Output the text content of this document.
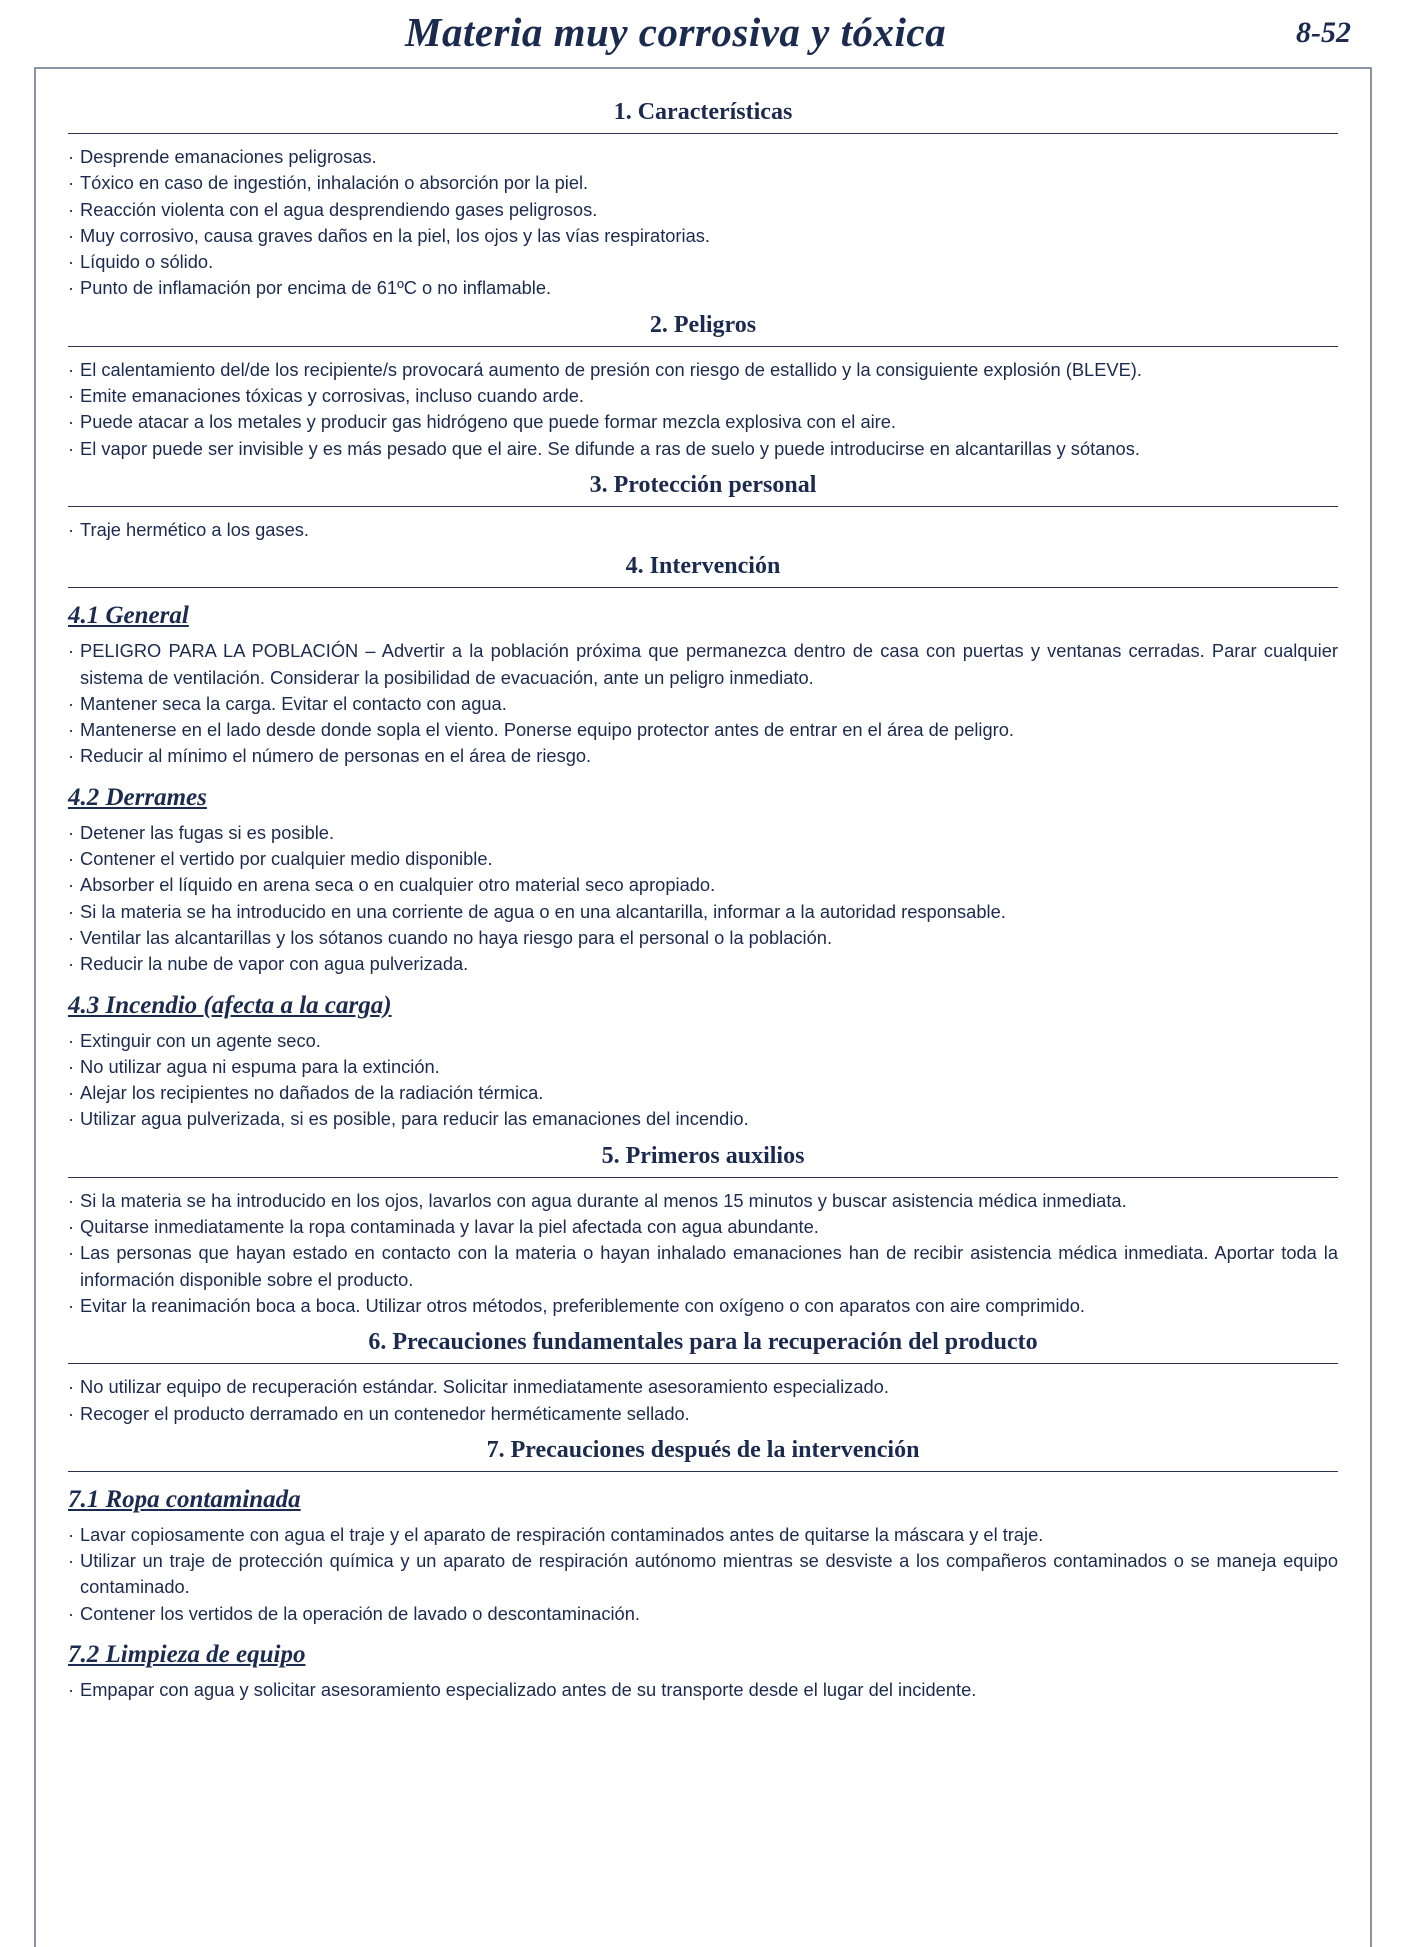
Materia muy corrosiva y tóxica	8-52
1. Características
· Desprende emanaciones peligrosas.
· Tóxico en caso de ingestión, inhalación o absorción por la piel.
· Reacción violenta con el agua desprendiendo gases peligrosos.
· Muy corrosivo, causa graves daños en la piel, los ojos y las vías respiratorias.
· Líquido o sólido.
· Punto de inflamación por encima de 61ºC o no inflamable.
2. Peligros
· El calentamiento del/de los recipiente/s provocará aumento de presión con riesgo de estallido y la consiguiente explosión (BLEVE).
· Emite emanaciones tóxicas y corrosivas, incluso cuando arde.
· Puede atacar a los metales y producir gas hidrógeno que puede formar mezcla explosiva con el aire.
· El vapor puede ser invisible y es más pesado que el aire. Se difunde a ras de suelo y puede introducirse en alcantarillas y sótanos.
3. Protección personal
· Traje hermético a los gases.
4. Intervención
4.1 General
· PELIGRO PARA LA POBLACIÓN – Advertir a la población próxima que permanezca dentro de casa con puertas y ventanas cerradas. Parar cualquier sistema de ventilación. Considerar la posibilidad de evacuación, ante un peligro inmediato.
· Mantener seca la carga. Evitar el contacto con agua.
· Mantenerse en el lado desde donde sopla el viento. Ponerse equipo protector antes de entrar en el área de peligro.
· Reducir al mínimo el número de personas en el área de riesgo.
4.2 Derrames
· Detener las fugas si es posible.
· Contener el vertido por cualquier medio disponible.
· Absorber el líquido en arena seca o en cualquier otro material seco apropiado.
· Si la materia se ha introducido en una corriente de agua o en una alcantarilla, informar a la autoridad responsable.
· Ventilar las alcantarillas y los sótanos cuando no haya riesgo para el personal o la población.
· Reducir la nube de vapor con agua pulverizada.
4.3 Incendio (afecta a la carga)
· Extinguir con un agente seco.
· No utilizar agua ni espuma para la extinción.
· Alejar los recipientes no dañados de la radiación térmica.
· Utilizar agua pulverizada, si es posible, para reducir las emanaciones del incendio.
5. Primeros auxilios
· Si la materia se ha introducido en los ojos, lavarlos con agua durante al menos 15 minutos y buscar asistencia médica inmediata.
· Quitarse inmediatamente la ropa contaminada y lavar la piel afectada con agua abundante.
· Las personas que hayan estado en contacto con la materia o hayan inhalado emanaciones han de recibir asistencia médica inmediata. Aportar toda la información disponible sobre el producto.
· Evitar la reanimación boca a boca. Utilizar otros métodos, preferiblemente con oxígeno o con aparatos con aire comprimido.
6. Precauciones fundamentales para la recuperación del producto
· No utilizar equipo de recuperación estándar. Solicitar inmediatamente asesoramiento especializado.
· Recoger el producto derramado en un contenedor herméticamente sellado.
7. Precauciones después de la intervención
7.1 Ropa contaminada
· Lavar copiosamente con agua el traje y el aparato de respiración contaminados antes de quitarse la máscara y el traje.
· Utilizar un traje de protección química y un aparato de respiración autónomo mientras se desviste a los compañeros contaminados o se maneja equipo contaminado.
· Contener los vertidos de la operación de lavado o descontaminación.
7.2 Limpieza de equipo
· Empapar con agua y solicitar asesoramiento especializado antes de su transporte desde el lugar del incidente.
